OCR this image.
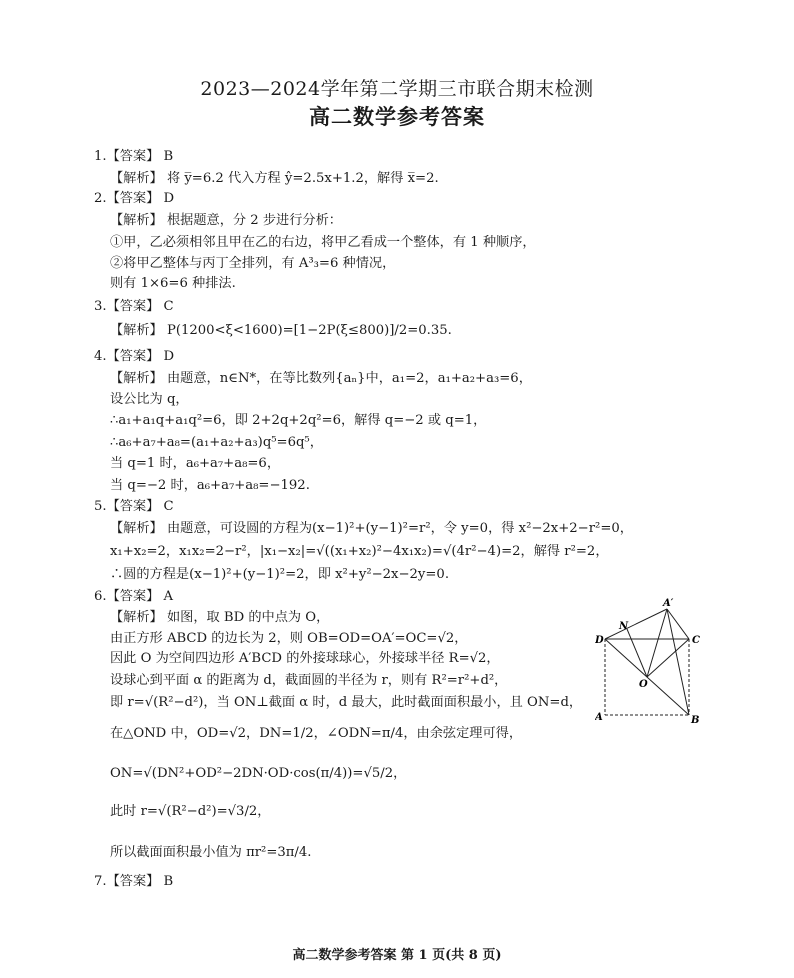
2023—2024学年第二学期三市联合期末检测
高二数学参考答案
1.【答案】 B
【解析】 将 y̅=6.2 代入方程 ŷ=2.5x+1.2，解得 x̅=2.
2.【答案】 D
【解析】 根据题意，分 2 步进行分析：
①甲，乙必须相邻且甲在乙的右边，将甲乙看成一个整体，有 1 种顺序，
②将甲乙整体与丙丁全排列，有 A³₃=6 种情况，
则有 1×6=6 种排法.
3.【答案】 C
【解析】 P(1200<ξ<1600)=[1−2P(ξ≤800)]/2=0.35.
4.【答案】 D
【解析】 由题意，n∈N*，在等比数列{aₙ}中，a₁=2，a₁+a₂+a₃=6，
设公比为 q，
∴a₁+a₁q+a₁q²=6，即 2+2q+2q²=6，解得 q=−2 或 q=1，
∴a₆+a₇+a₈=(a₁+a₂+a₃)q⁵=6q⁵，
当 q=1 时，a₆+a₇+a₈=6，
当 q=−2 时，a₆+a₇+a₈=−192.
5.【答案】 C
【解析】 由题意，可设圆的方程为(x−1)²+(y−1)²=r²，令 y=0，得 x²−2x+2−r²=0，
x₁+x₂=2，x₁x₂=2−r²，|x₁−x₂|=√((x₁+x₂)²−4x₁x₂)=√(4r²−4)=2，解得 r²=2，
∴圆的方程是(x−1)²+(y−1)²=2，即 x²+y²−2x−2y=0.
6.【答案】 A
【解析】 如图，取 BD 的中点为 O，
由正方形 ABCD 的边长为 2，则 OB=OD=OA′=OC=√2，
因此 O 为空间四边形 A′BCD 的外接球球心，外接球半径 R=√2，
设球心到平面 α 的距离为 d，截面圆的半径为 r，则有 R²=r²+d²，
即 r=√(R²−d²)，当 ON⊥截面 α 时，d 最大，此时截面面积最小，且 ON=d，
在△OND 中，OD=√2，DN=1/2，∠ODN=π/4，由余弦定理可得，
ON=√(DN²+OD²−2DN·OD·cos(π/4))=√5/2，
此时 r=√(R²−d²)=√3/2，
所以截面面积最小值为 πr²=3π/4.
7.【答案】 B
A′
N
D	C
O
A	B
高二数学参考答案 第 1 页(共 8 页)
